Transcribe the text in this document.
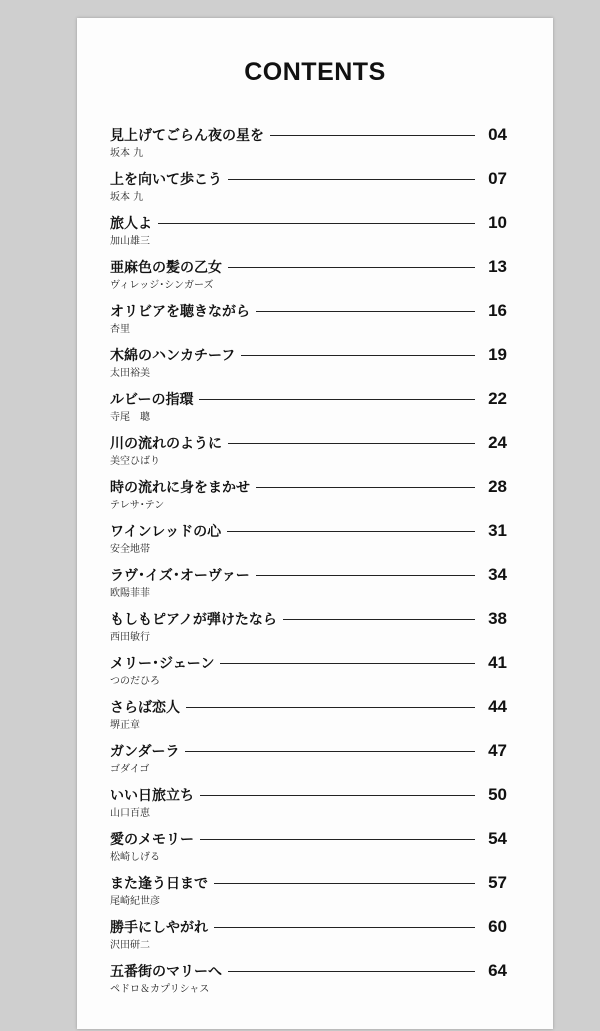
CONTENTS
見上げてごらん夜の星を	04
坂本 九
上を向いて歩こう	07
坂本 九
旅人よ	10
加山雄三
亜麻色の髪の乙女	13
ヴィレッジ･シンガーズ
オリビアを聴きながら	16
杏里
木綿のハンカチーフ	19
太田裕美
ルビーの指環	22
寺尾　聰
川の流れのように	24
美空ひばり
時の流れに身をまかせ	28
テレサ･テン
ワインレッドの心	31
安全地帯
ラヴ･イズ･オーヴァー	34
欧陽菲菲
もしもピアノが弾けたなら	38
西田敏行
メリー･ジェーン	41
つのだひろ
さらば恋人	44
堺正章
ガンダーラ	47
ゴダイゴ
いい日旅立ち	50
山口百恵
愛のメモリー	54
松崎しげる
また逢う日まで	57
尾崎紀世彦
勝手にしやがれ	60
沢田研二
五番街のマリーへ	64
ペドロ＆カプリシャス
